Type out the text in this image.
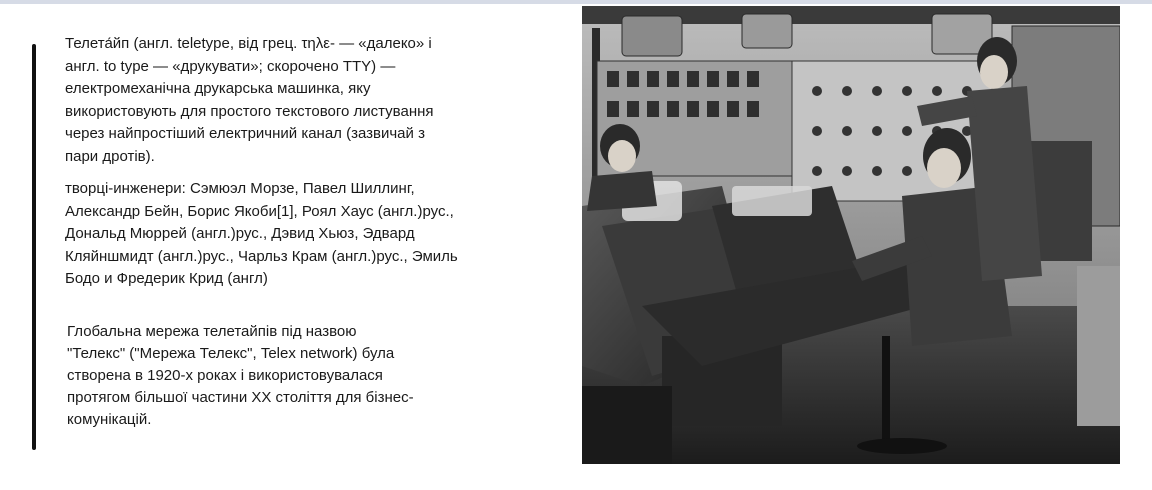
Телета́йп (англ. teletype, від грец. τηλε- — «далеко» і
англ. to type — «друкувати»; скорочено TTY) —
електромеханічна друкарська машинка, яку
використовують для простого текстового листування
через найпростіший електричний канал (зазвичай з
пари дротів).
творці-инженери: Сэмюэл Морзе, Павел Шиллинг,
Александр Бейн, Борис Якоби[1], Роял Хаус (англ.)рус.,
Дональд Мюррей (англ.)рус., Дэвид Хьюз, Эдвард
Кляйншмидт (англ.)рус., Чарльз Крам (англ.)рус., Эмиль
Бодо и Фредерик Крид (англ)
Глобальна мережа телетайпів під назвою
"Телекс" ("Мережа Телекс", Telex network) була
створена в 1920-х роках і використовувалася
протягом більшої частини XX століття для бізнес-
комунікацій.
